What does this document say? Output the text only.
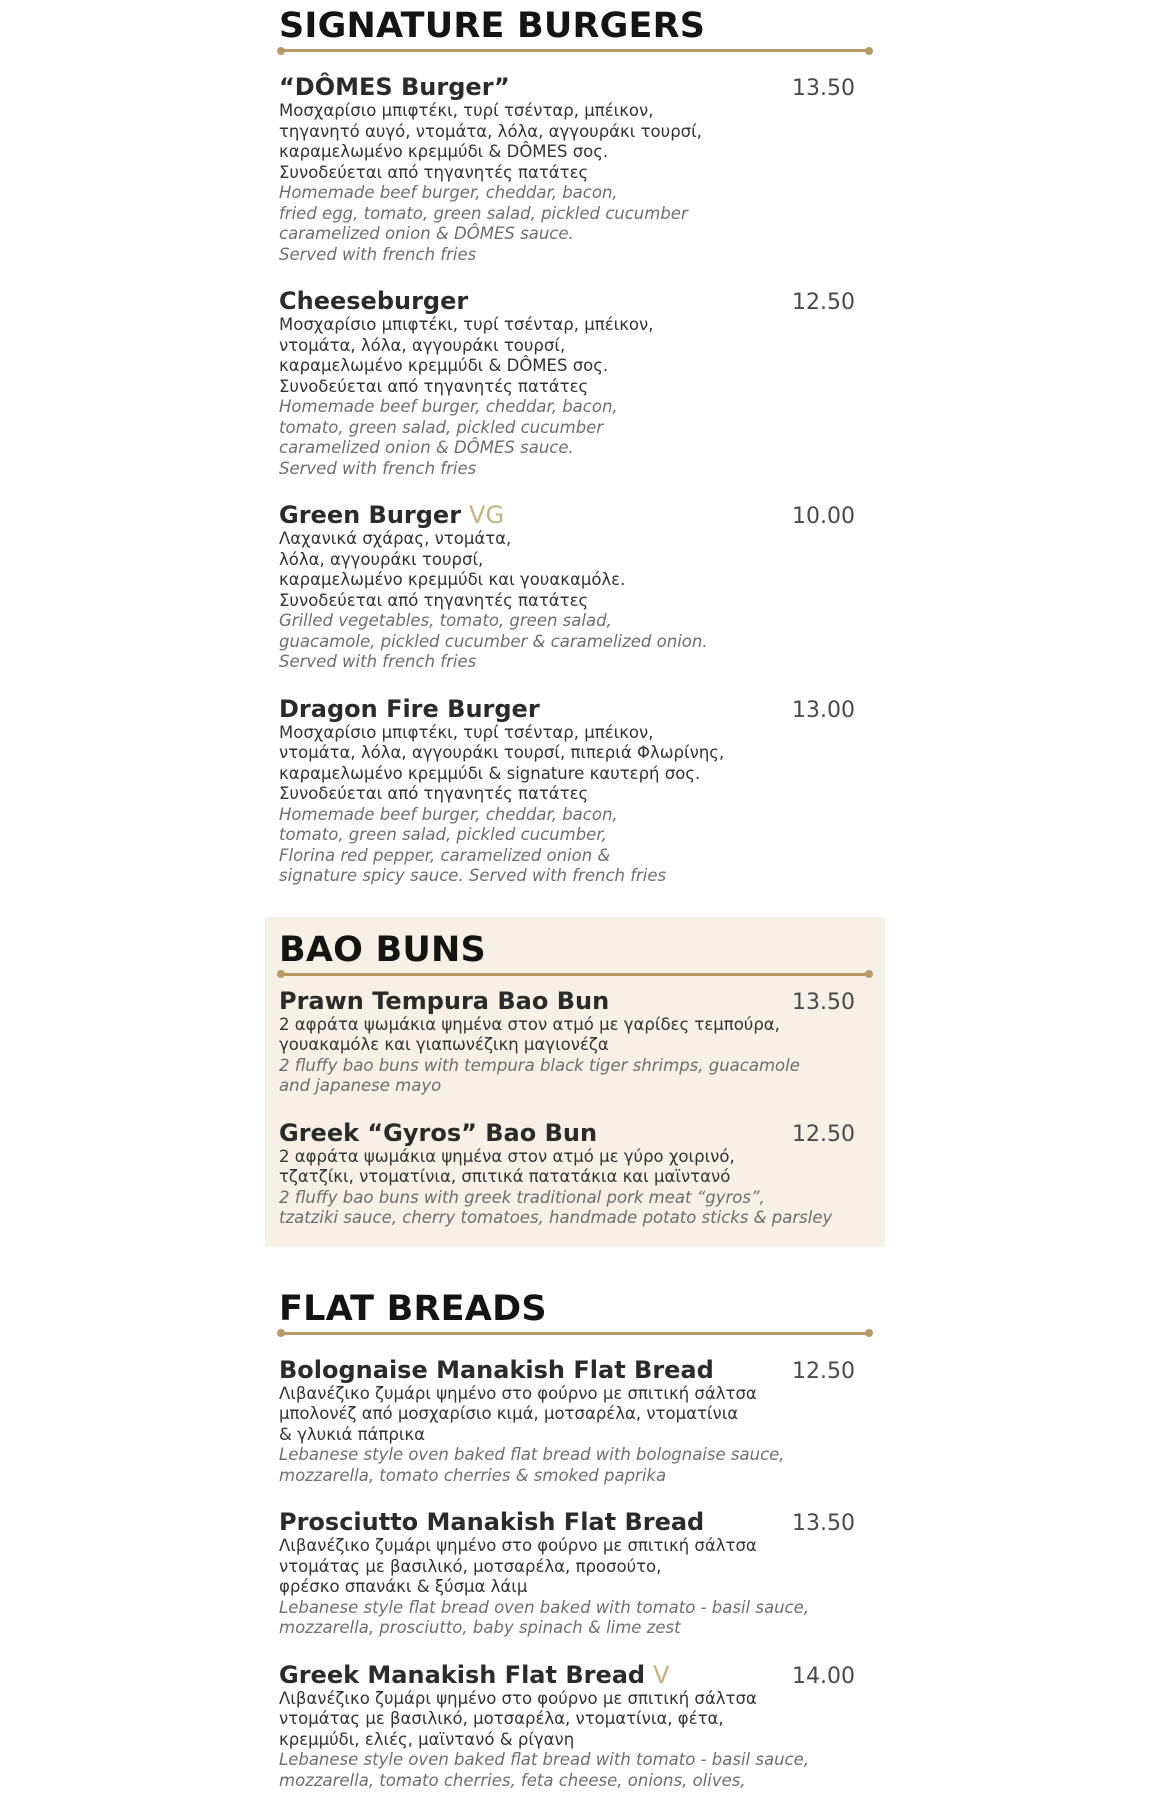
SIGNATURE BURGERS
“DÔMES Burger”	13.50

Μοσχαρίσιο μπιφτέκι, τυρί τσένταρ, μπέικον,
τηγανητό αυγό, ντομάτα, λόλα, αγγουράκι τουρσί,
καραμελωμένο κρεμμύδι & DÔMES σος.
Συνοδεύεται από τηγανητές πατάτες

Homemade beef burger, cheddar, bacon,
fried egg, tomato, green salad, pickled cucumber
caramelized onion & DÔMES sauce.
Served with french fries

Cheeseburger	12.50

Μοσχαρίσιο μπιφτέκι, τυρί τσένταρ, μπέικον,
ντομάτα, λόλα, αγγουράκι τουρσί,
καραμελωμένο κρεμμύδι & DÔMES σος.
Συνοδεύεται από τηγανητές πατάτες

Homemade beef burger, cheddar, bacon,
tomato, green salad, pickled cucumber
caramelized onion & DÔMES sauce.
Served with french fries

Green Burger VG	10.00

Λαχανικά σχάρας, ντομάτα,
λόλα, αγγουράκι τουρσί,
καραμελωμένο κρεμμύδι και γουακαμόλε.
Συνοδεύεται από τηγανητές πατάτες

Grilled vegetables, tomato, green salad,
guacamole, pickled cucumber & caramelized onion.
Served with french fries

Dragon Fire Burger	13.00

Μοσχαρίσιο μπιφτέκι, τυρί τσένταρ, μπέικον,
ντομάτα, λόλα, αγγουράκι τουρσί, πιπεριά Φλωρίνης,
καραμελωμένο κρεμμύδι & signature καυτερή σος.
Συνοδεύεται από τηγανητές πατάτες

Homemade beef burger, cheddar, bacon,
tomato, green salad, pickled cucumber,
Florina red pepper, caramelized onion &
signature spicy sauce. Served with french fries

BAO BUNS
Prawn Tempura Bao Bun	13.50

2 αφράτα ψωμάκια ψημένα στον ατμό με γαρίδες τεμπούρα,
γουακαμόλε και γιαπωνέζικη μαγιονέζα

2 fluffy bao buns with tempura black tiger shrimps, guacamole
and japanese mayo

Greek “Gyros” Bao Bun	12.50

2 αφράτα ψωμάκια ψημένα στον ατμό με γύρο χοιρινό,
τζατζίκι, ντοματίνια, σπιτικά πατατάκια και μαϊντανό

2 fluffy bao buns with greek traditional pork meat “gyros”,
tzatziki sauce, cherry tomatoes, handmade potato sticks & parsley

FLAT BREADS
Bolognaise Manakish Flat Bread	12.50

Λιβανέζικο ζυμάρι ψημένο στο φούρνο με σπιτική σάλτσα
μπολονέζ από μοσχαρίσιο κιμά, μοτσαρέλα, ντοματίνια
& γλυκιά πάπρικα

Lebanese style oven baked flat bread with bolognaise sauce,
mozzarella, tomato cherries & smoked paprika

Prosciutto Manakish Flat Bread	13.50

Λιβανέζικο ζυμάρι ψημένο στο φούρνο με σπιτική σάλτσα
ντομάτας με βασιλικό, μοτσαρέλα, προσούτο,
φρέσκο σπανάκι & ξύσμα λάιμ

Lebanese style flat bread oven baked with tomato - basil sauce,
mozzarella, prosciutto, baby spinach & lime zest

Greek Manakish Flat Bread V	14.00

Λιβανέζικο ζυμάρι ψημένο στο φούρνο με σπιτική σάλτσα
ντομάτας με βασιλικό, μοτσαρέλα, ντοματίνια, φέτα,
κρεμμύδι, ελιές, μαϊντανό & ρίγανη

Lebanese style oven baked flat bread with tomato - basil sauce,
mozzarella, tomato cherries, feta cheese, onions, olives,
